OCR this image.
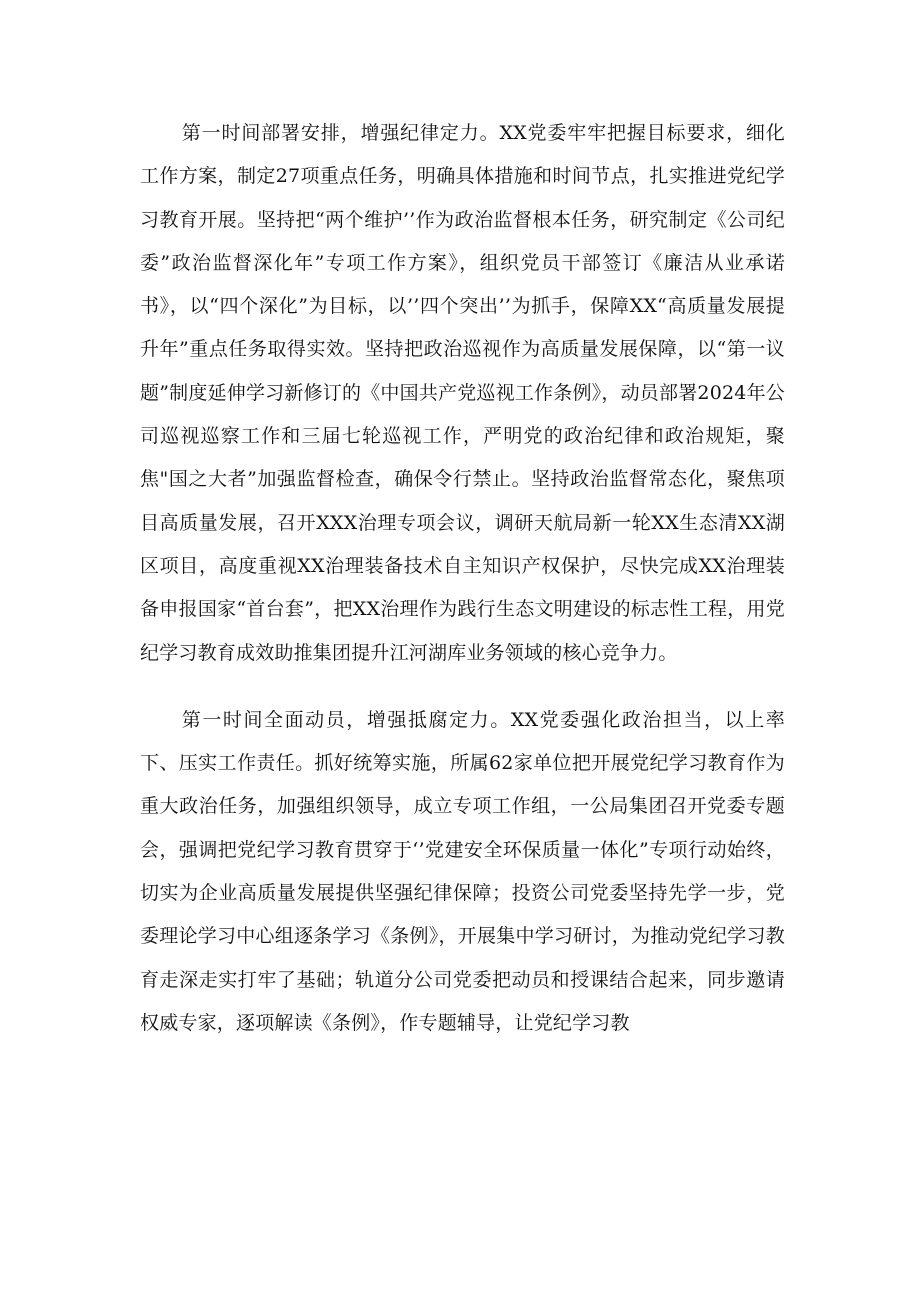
第一时间部署安排，增强纪律定力。XX党委牢牢把握目标要求，细化工作方案，制定27项重点任务，明确具体措施和时间节点，扎实推进党纪学习教育开展。坚持把“两个维护’’作为政治监督根本任务，研究制定《公司纪委”政治监督深化年”专项工作方案》，组织党员干部签订《廉洁从业承诺书》，以“四个深化”为目标，以’’四个突出’’为抓手，保障XX“高质量发展提升年”重点任务取得实效。坚持把政治巡视作为高质量发展保障，以“第一议题”制度延伸学习新修订的《中国共产党巡视工作条例》，动员部署2024年公司巡视巡察工作和三届七轮巡视工作，严明党的政治纪律和政治规矩，聚焦"国之大者”加强监督检查，确保令行禁止。坚持政治监督常态化，聚焦项目高质量发展，召开XXX治理专项会议，调研天航局新一轮XX生态清XX湖区项目，高度重视XX治理装备技术自主知识产权保护，尽快完成XX治理装备申报国家“首台套”，把XX治理作为践行生态文明建设的标志性工程，用党纪学习教育成效助推集团提升江河湖库业务领域的核心竞争力。

第一时间全面动员，增强抵腐定力。XX党委强化政治担当，以上率下、压实工作责任。抓好统筹实施，所属62家单位把开展党纪学习教育作为重大政治任务，加强组织领导，成立专项工作组，一公局集团召开党委专题会，强调把党纪学习教育贯穿于‘’党建安全环保质量一体化”专项行动始终，切实为企业高质量发展提供坚强纪律保障；投资公司党委坚持先学一步，党委理论学习中心组逐条学习《条例》，开展集中学习研讨，为推动党纪学习教育走深走实打牢了基础；轨道分公司党委把动员和授课结合起来，同步邀请权威专家，逐项解读《条例》，作专题辅导，让党纪学习教
